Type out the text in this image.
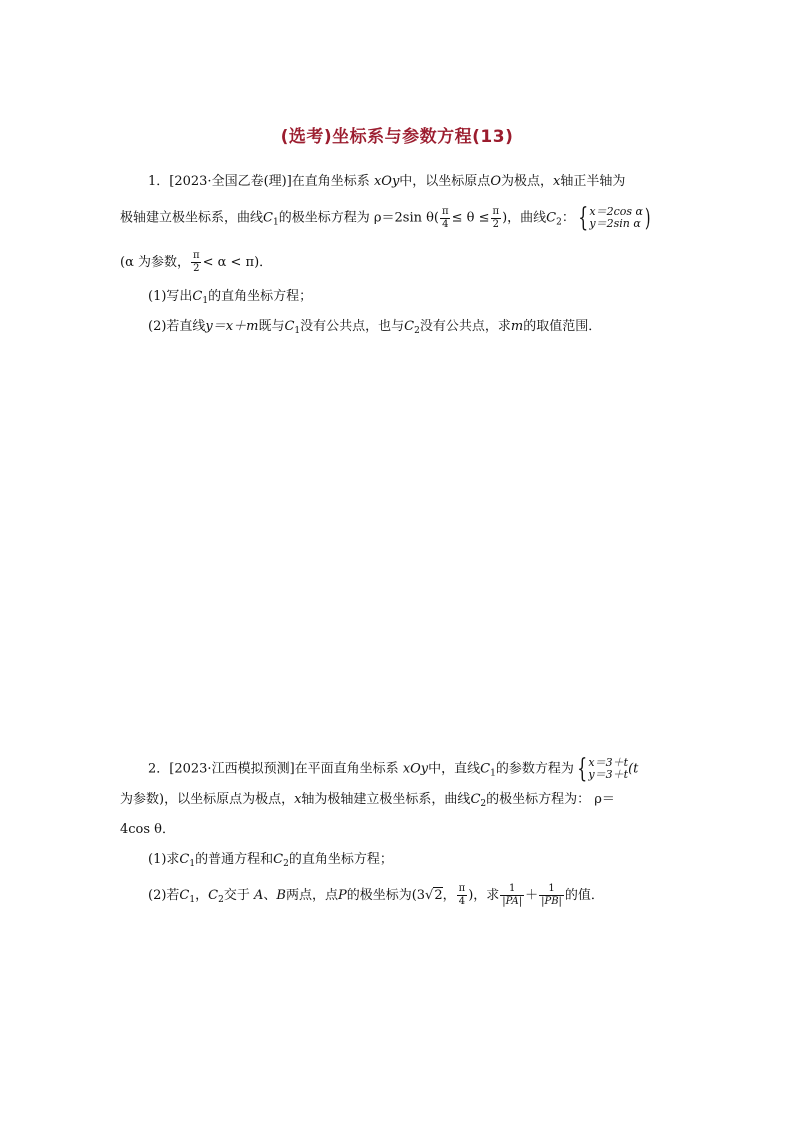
(选考)坐标系与参数方程(13)
1．[2023·全国乙卷(理)]在直角坐标系 xOy中，以坐标原点O为极点，x轴正半轴为
极轴建立极坐标系，曲线$C_1$的极坐标方程为 ρ＝2sin $\theta( \frac{\pi}{4} \le \theta \le \frac{\pi}{2}$ )，曲线$C_2$： { x＝2cos α
y＝2sin α )
(α 为参数， $\frac{\pi}{2} < \alpha < \pi$)．
(1)写出$C_1$的直角坐标方程；
(2)若直线y＝x＋m既与$C_1$没有公共点，也与$C_2$没有公共点，求m的取值范围．
2．[2023·江西模拟预测]在平面直角坐标系 xOy中，直线$C_1$的参数方程为 { x＝3＋t
y＝3＋t (t
为参数)，以坐标原点为极点，x轴为极轴建立极坐标系，曲线$C_2$的极坐标方程为： ρ＝
4cos θ．
(1)求$C_1$的普通方程和$C_2$的直角坐标方程；
(2)若$C_1$，$C_2$交于 A、B两点，点P的极坐标为(3√2， $\frac{\pi}{4}$ )，求 $\frac{1}{|PA|} + \frac{1}{|PB|}$ 的值．
